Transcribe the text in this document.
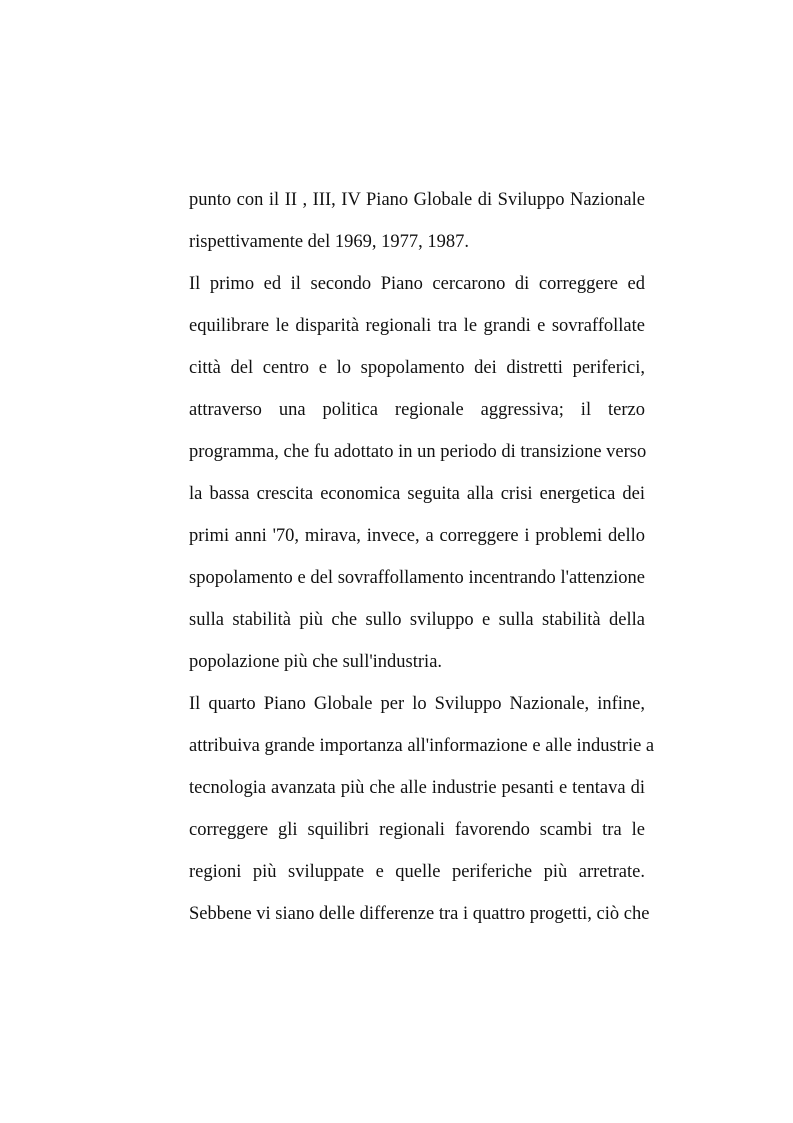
punto con il II , III, IV Piano Globale di Sviluppo Nazionale
rispettivamente del 1969, 1977, 1987.
Il primo ed il secondo Piano cercarono di correggere ed
equilibrare le disparità regionali tra le grandi e sovraffollate
città del centro e lo spopolamento dei distretti periferici,
attraverso una politica regionale aggressiva; il terzo
programma, che fu adottato in un periodo di transizione verso
la bassa crescita economica seguita alla crisi energetica dei
primi anni '70, mirava, invece, a correggere i problemi dello
spopolamento e del sovraffollamento incentrando l'attenzione
sulla stabilità più che sullo sviluppo e sulla stabilità della
popolazione più che sull'industria.
Il quarto Piano Globale per lo Sviluppo Nazionale, infine,
attribuiva grande importanza all'informazione e alle industrie a
tecnologia avanzata più che alle industrie pesanti e tentava di
correggere gli squilibri regionali favorendo scambi tra le
regioni più sviluppate e quelle periferiche più arretrate.
Sebbene vi siano delle differenze tra i quattro progetti, ciò che
